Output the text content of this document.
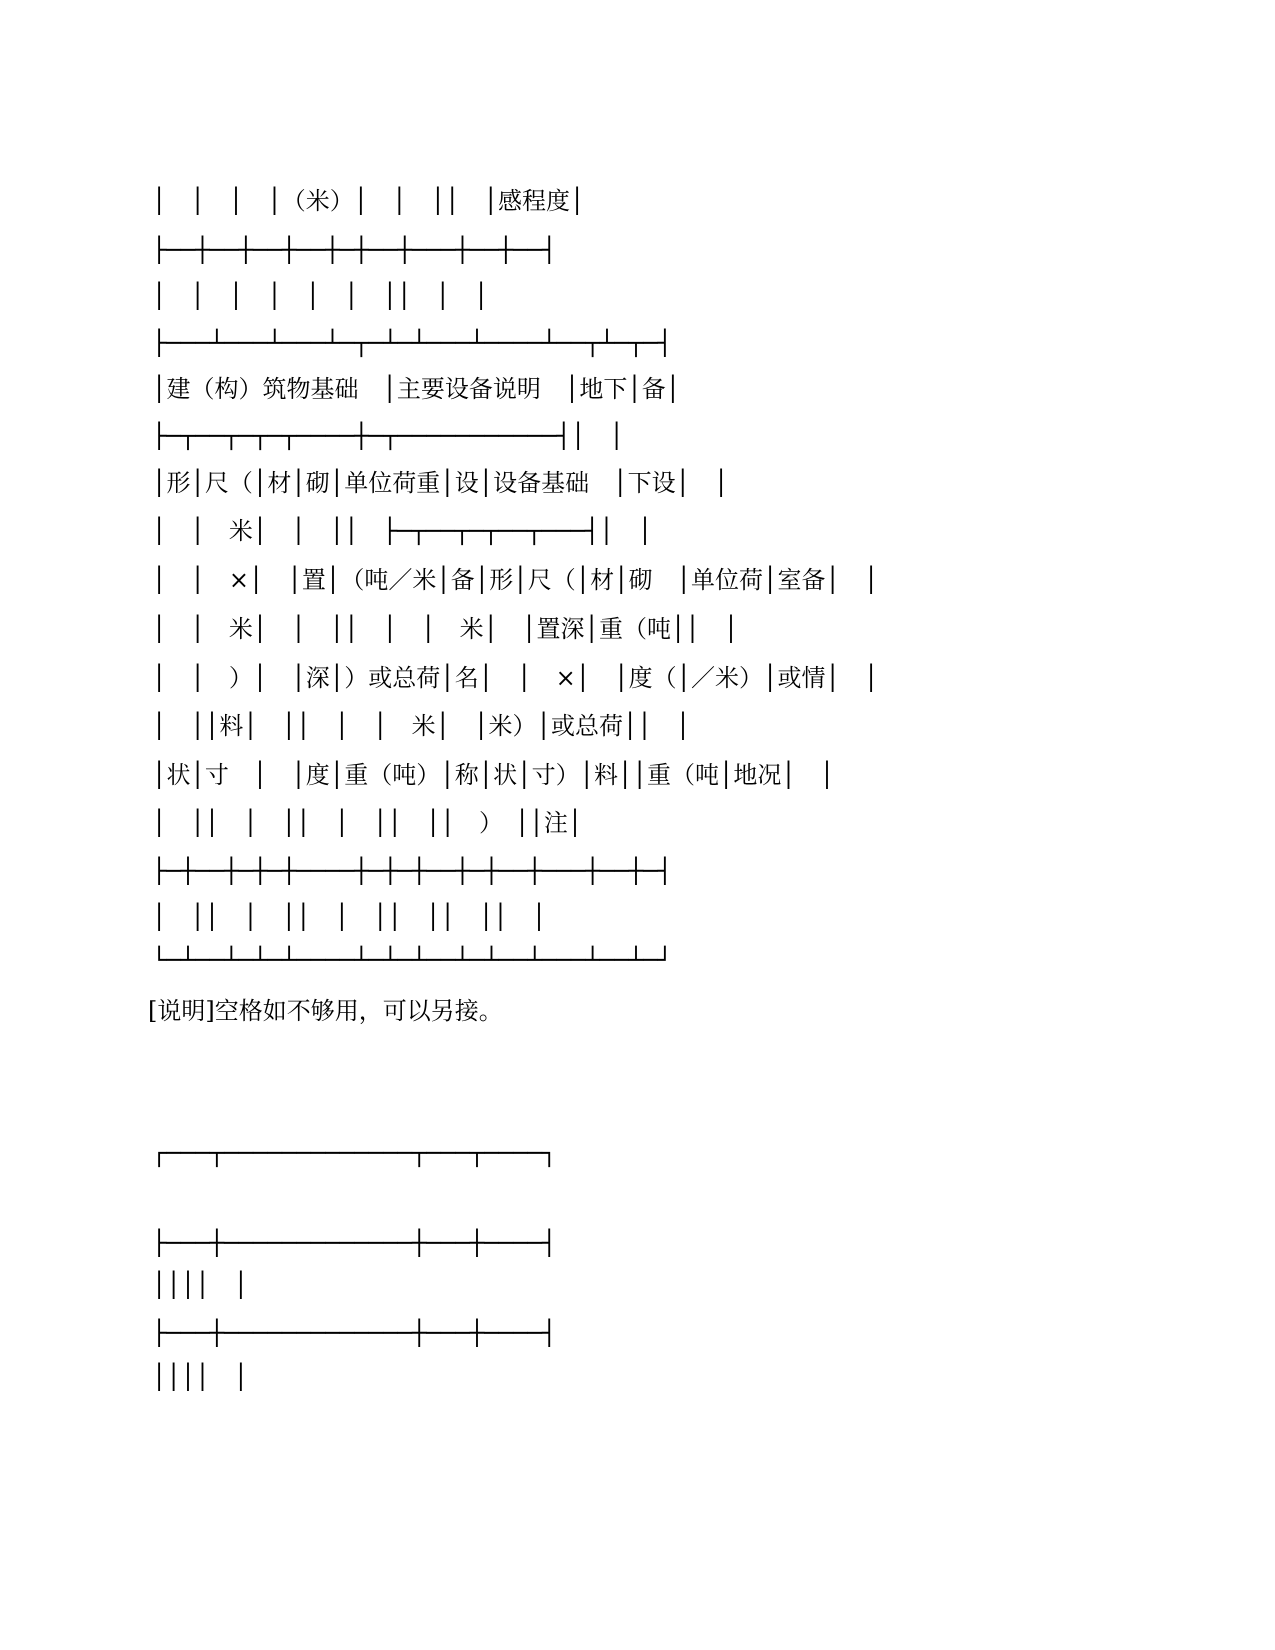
│　│　│　│（米）│　│　││　│感程度│

├──┼──┼──┼──┼─┼──┼───┼──┼──┤

│　│　│　│　│　│　││　│　│

├───┴───┴───┴─┬─┴─┴───┴────┴──┬┴─┬─┤

│建（构）筑物基础　│主要设备说明　│地下│备│

├─┬──┬─┬─┬────┼─┬───────────┤│　│

│形│尺（│材│砌│单位荷重│设│设备基础　│下设│　│

│　│　米│　│　││　├─┬──┬─┬──┬───┤│　│

│　│　×│　│置│（吨／米│备│形│尺（│材│砌　│单位荷│室备│　│

│　│　米│　│　││　│　│　米│　│置深│重（吨││　│

│　│　）│　│深│）或总荷│名│　│　×│　│度（│／米）│或情│　│

│　││料│　││　│　│　米│　│米）│或总荷││　│

│状│寸　│　│度│重（吨）│称│状│寸）│料││重（吨│地况│　│

│　││　│　││　│　││　││　）　││注│

├─┼──┼─┼─┼────┼─┼─┼──┼─┼──┼───┼──┼─┤

│　││　│　││　│　││　││　││　│

└─┴──┴─┴─┴────┴─┴─┴──┴─┴──┴───┴──┴─┘

[说明]空格如不够用，可以另接。

┌───┬─────────────┬───┬────┐

├───┼─────────────┼───┼────┤

││││　│

├───┼─────────────┼───┼────┤

││││　│
